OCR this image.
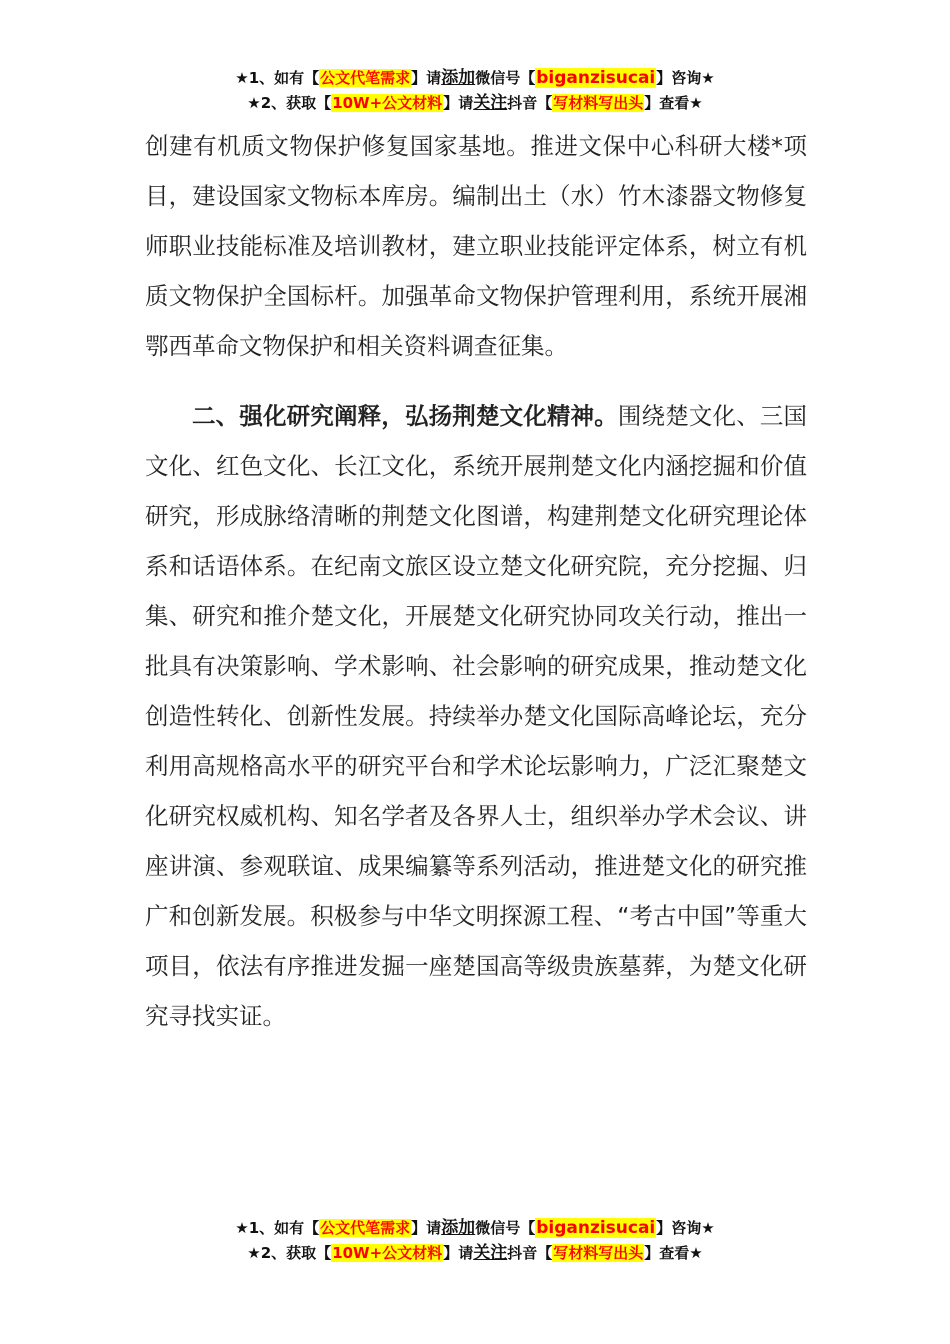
★1、如有【公文代笔需求】请添加微信号【biganzisucai】咨询★
★2、获取【10W+公文材料】请关注抖音【写材料写出头】查看★

创建有机质文物保护修复国家基地。推进文保中心科研大楼*项目，建设国家文物标本库房。编制出土（水）竹木漆器文物修复师职业技能标准及培训教材，建立职业技能评定体系，树立有机质文物保护全国标杆。加强革命文物保护管理利用，系统开展湘鄂西革命文物保护和相关资料调查征集。

二、强化研究阐释，弘扬荆楚文化精神。围绕楚文化、三国文化、红色文化、长江文化，系统开展荆楚文化内涵挖掘和价值研究，形成脉络清晰的荆楚文化图谱，构建荆楚文化研究理论体系和话语体系。在纪南文旅区设立楚文化研究院，充分挖掘、归集、研究和推介楚文化，开展楚文化研究协同攻关行动，推出一批具有决策影响、学术影响、社会影响的研究成果，推动楚文化创造性转化、创新性发展。持续举办楚文化国际高峰论坛，充分利用高规格高水平的研究平台和学术论坛影响力，广泛汇聚楚文化研究权威机构、知名学者及各界人士，组织举办学术会议、讲座讲演、参观联谊、成果编纂等系列活动，推进楚文化的研究推广和创新发展。积极参与中华文明探源工程、“考古中国”等重大项目，依法有序推进发掘一座楚国高等级贵族墓葬，为楚文化研究寻找实证。

★1、如有【公文代笔需求】请添加微信号【biganzisucai】咨询★
★2、获取【10W+公文材料】请关注抖音【写材料写出头】查看★
